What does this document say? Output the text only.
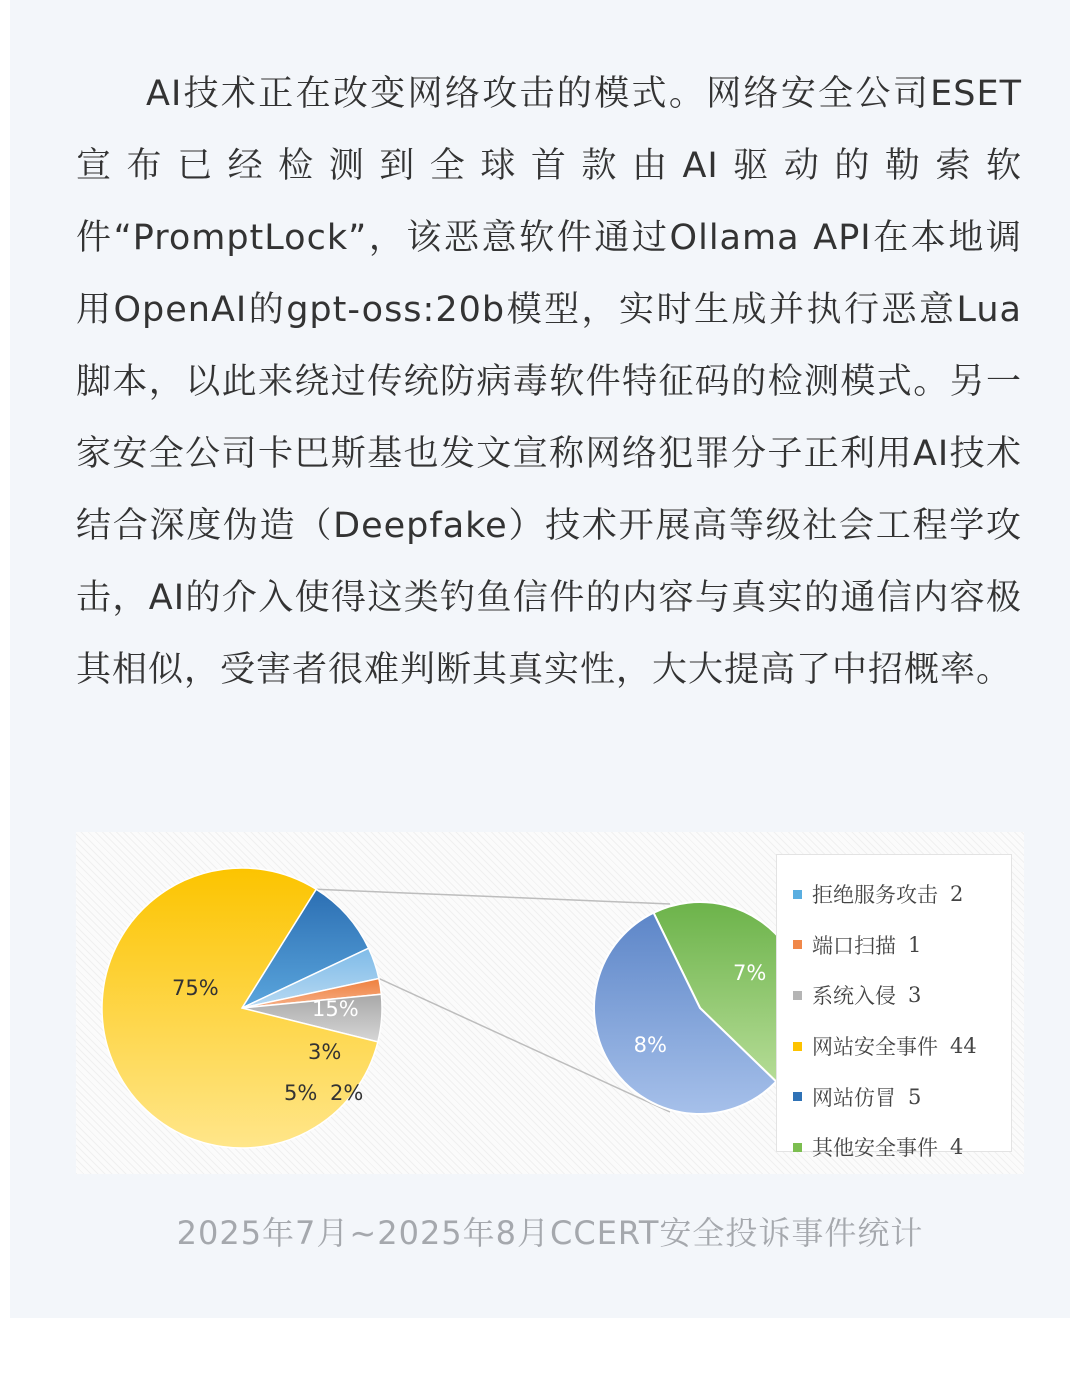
AI技术正在改变网络攻击的模式。网络安全公司ESET宣布已经检测到全球首款由AI驱动的勒索软件“PromptLock”，该恶意软件通过Ollama API在本地调用OpenAI的gpt-oss:20b模型，实时生成并执行恶意Lua脚本，以此来绕过传统防病毒软件特征码的检测模式。另一家安全公司卡巴斯基也发文宣称网络犯罪分子正利用AI技术结合深度伪造（Deepfake）技术开展高等级社会工程学攻击，AI的介入使得这类钓鱼信件的内容与真实的通信内容极其相似，受害者很难判断其真实性，大大提高了中招概率。

75%
15%
3%
5% 2%
7%
8%
拒绝服务攻击 2
端口扫描 1
系统入侵 3
网站安全事件 44
网站仿冒 5
其他安全事件 4
2025年7月~2025年8月CCERT安全投诉事件统计
